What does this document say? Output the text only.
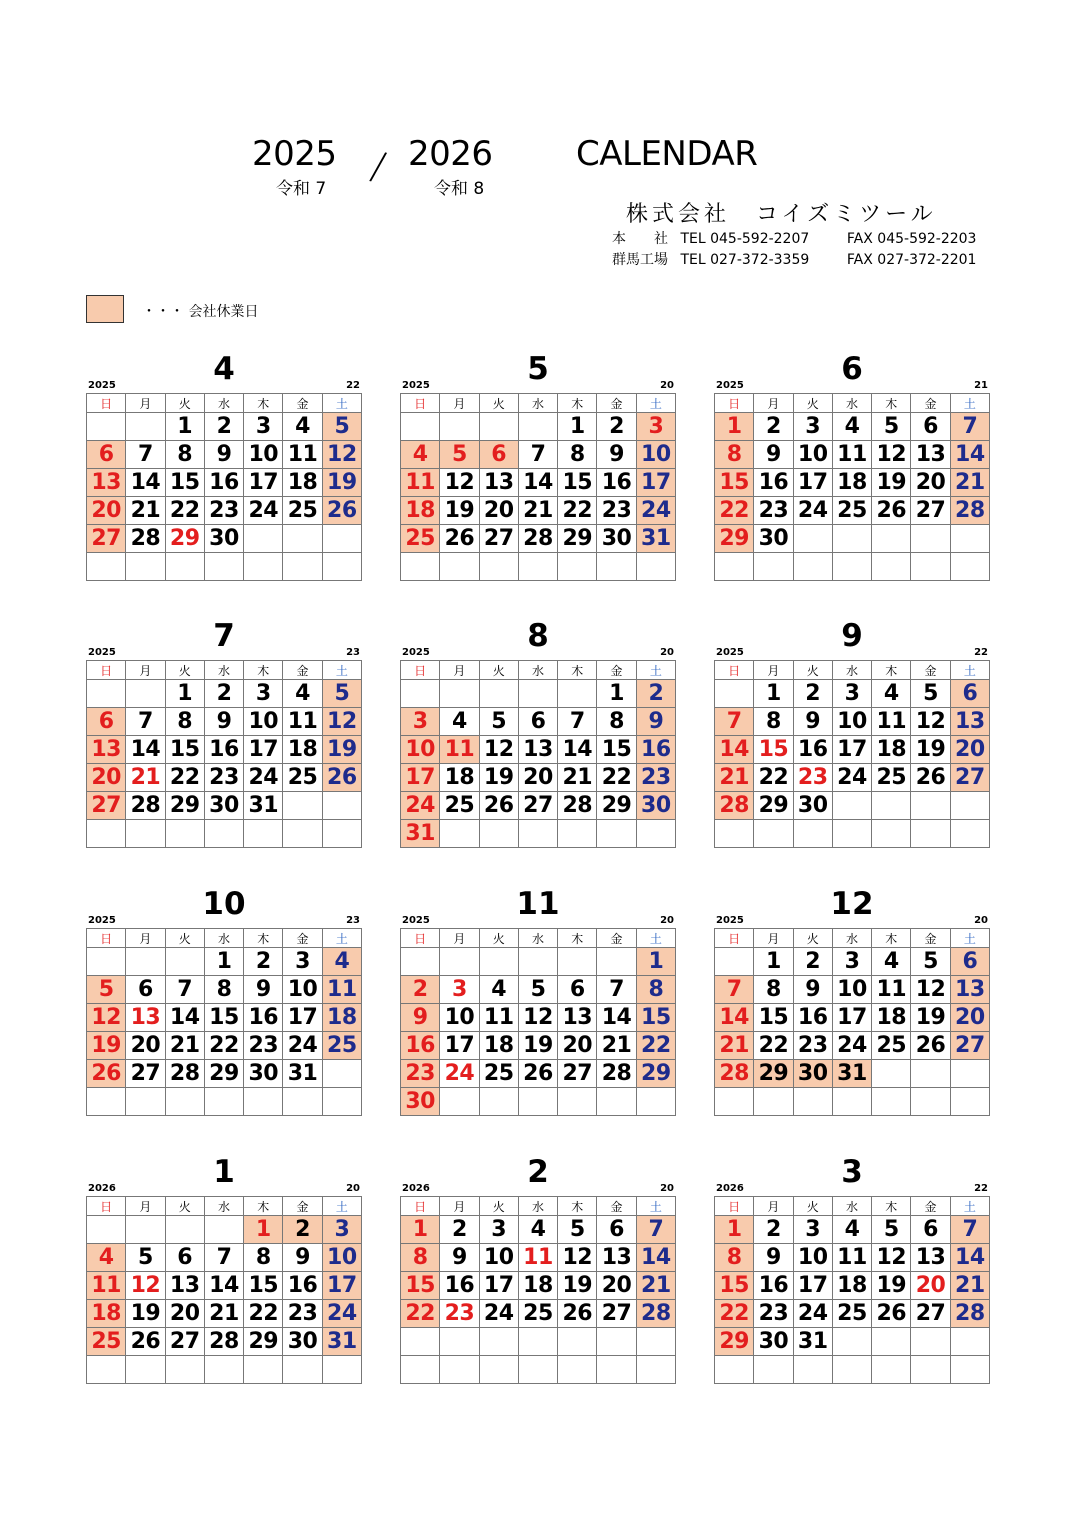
2025
令和 7
/ 2026
令和 8
CALENDAR
株式会社　コイズミツール
本　　社 TEL 045-592-2207	FAX 045-592-2203
群馬工場 TEL 027-372-3359	FAX 027-372-2201
・・・ 会社休業日
2025	4	22
日	月	火	水	木	金	土
		1	2	3	4	5
6	7	8	9	10	11	12
13	14	15	16	17	18	19
20	21	22	23	24	25	26
27	28	29	30			

2025	5	20
日	月	火	水	木	金	土
				1	2	3
4	5	6	7	8	9	10
11	12	13	14	15	16	17
18	19	20	21	22	23	24
25	26	27	28	29	30	31

2025	6	21
日	月	火	水	木	金	土
1	2	3	4	5	6	7
8	9	10	11	12	13	14
15	16	17	18	19	20	21
22	23	24	25	26	27	28
29	30					

2025	7	23
日	月	火	水	木	金	土
		1	2	3	4	5
6	7	8	9	10	11	12
13	14	15	16	17	18	19
20	21	22	23	24	25	26
27	28	29	30	31		

2025	8	20
日	月	火	水	木	金	土
					1	2
3	4	5	6	7	8	9
10	11	12	13	14	15	16
17	18	19	20	21	22	23
24	25	26	27	28	29	30
31						
2025	9	22
日	月	火	水	木	金	土
	1	2	3	4	5	6
7	8	9	10	11	12	13
14	15	16	17	18	19	20
21	22	23	24	25	26	27
28	29	30				

2025	10	23
日	月	火	水	木	金	土
			1	2	3	4
5	6	7	8	9	10	11
12	13	14	15	16	17	18
19	20	21	22	23	24	25
26	27	28	29	30	31	

2025	11	20
日	月	火	水	木	金	土
						1
2	3	4	5	6	7	8
9	10	11	12	13	14	15
16	17	18	19	20	21	22
23	24	25	26	27	28	29
30						
2025	12	20
日	月	火	水	木	金	土
	1	2	3	4	5	6
7	8	9	10	11	12	13
14	15	16	17	18	19	20
21	22	23	24	25	26	27
28	29	30	31			

2026	1	20
日	月	火	水	木	金	土
				1	2	3
4	5	6	7	8	9	10
11	12	13	14	15	16	17
18	19	20	21	22	23	24
25	26	27	28	29	30	31

2026	2	20
日	月	火	水	木	金	土
1	2	3	4	5	6	7
8	9	10	11	12	13	14
15	16	17	18	19	20	21
22	23	24	25	26	27	28

2026	3	22
日	月	火	水	木	金	土
1	2	3	4	5	6	7
8	9	10	11	12	13	14
15	16	17	18	19	20	21
22	23	24	25	26	27	28
29	30	31				
